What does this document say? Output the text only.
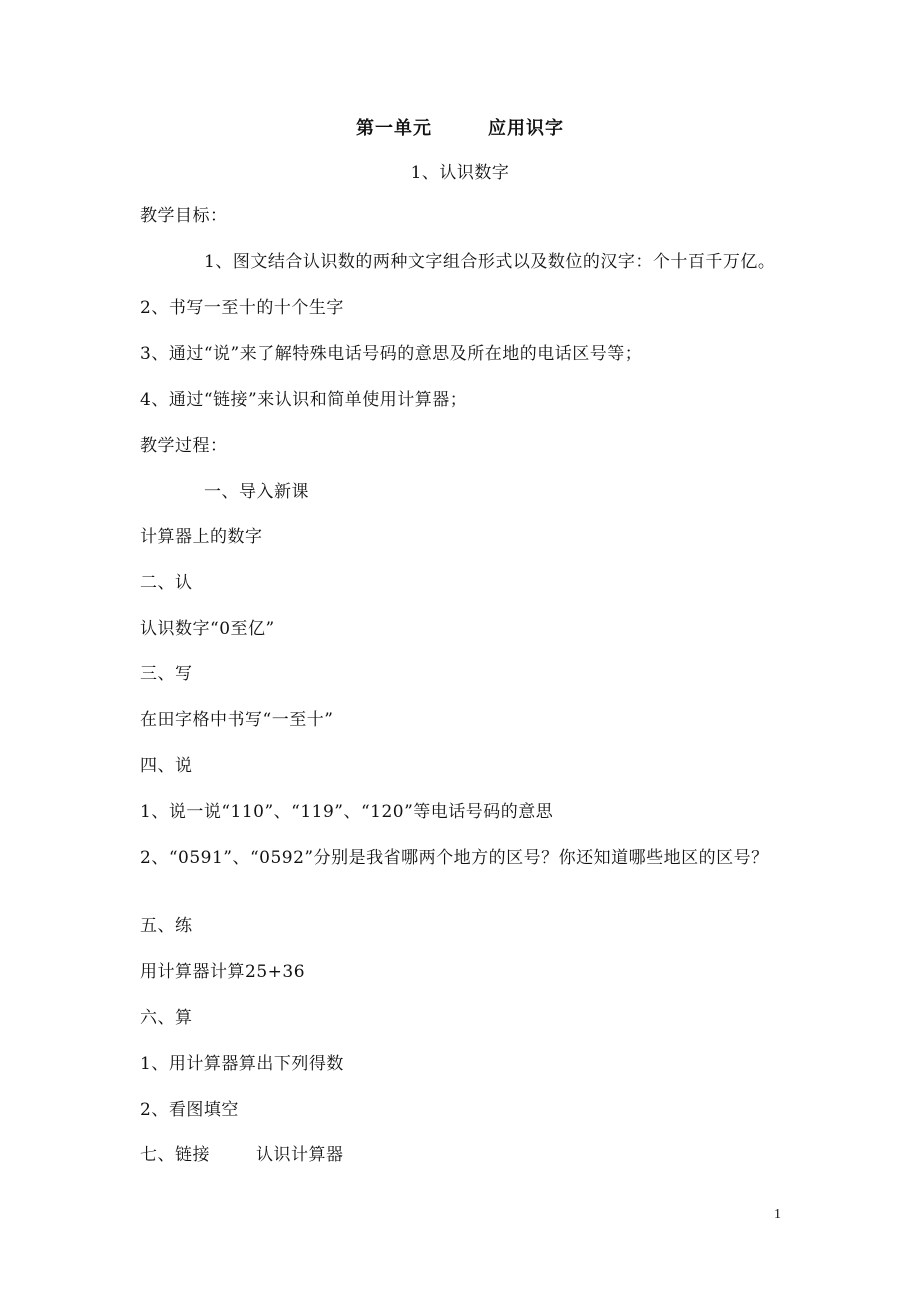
第一单元	应用识字
1、认识数字
教学目标：
1、图文结合认识数的两种文字组合形式以及数位的汉字：个十百千万亿。
2、书写一至十的十个生字
3、通过“说”来了解特殊电话号码的意思及所在地的电话区号等；
4、通过“链接”来认识和简单使用计算器；
教学过程：
一、导入新课
计算器上的数字
二、认
认识数字“0至亿”
三、写
在田字格中书写“一至十”
四、说
1、说一说“110”、“119”、“120”等电话号码的意思
2、“0591”、“0592”分别是我省哪两个地方的区号？你还知道哪些地区的区号？
五、练
用计算器计算25+36
六、算
1、用计算器算出下列得数
2、看图填空
七、链接	认识计算器
1
